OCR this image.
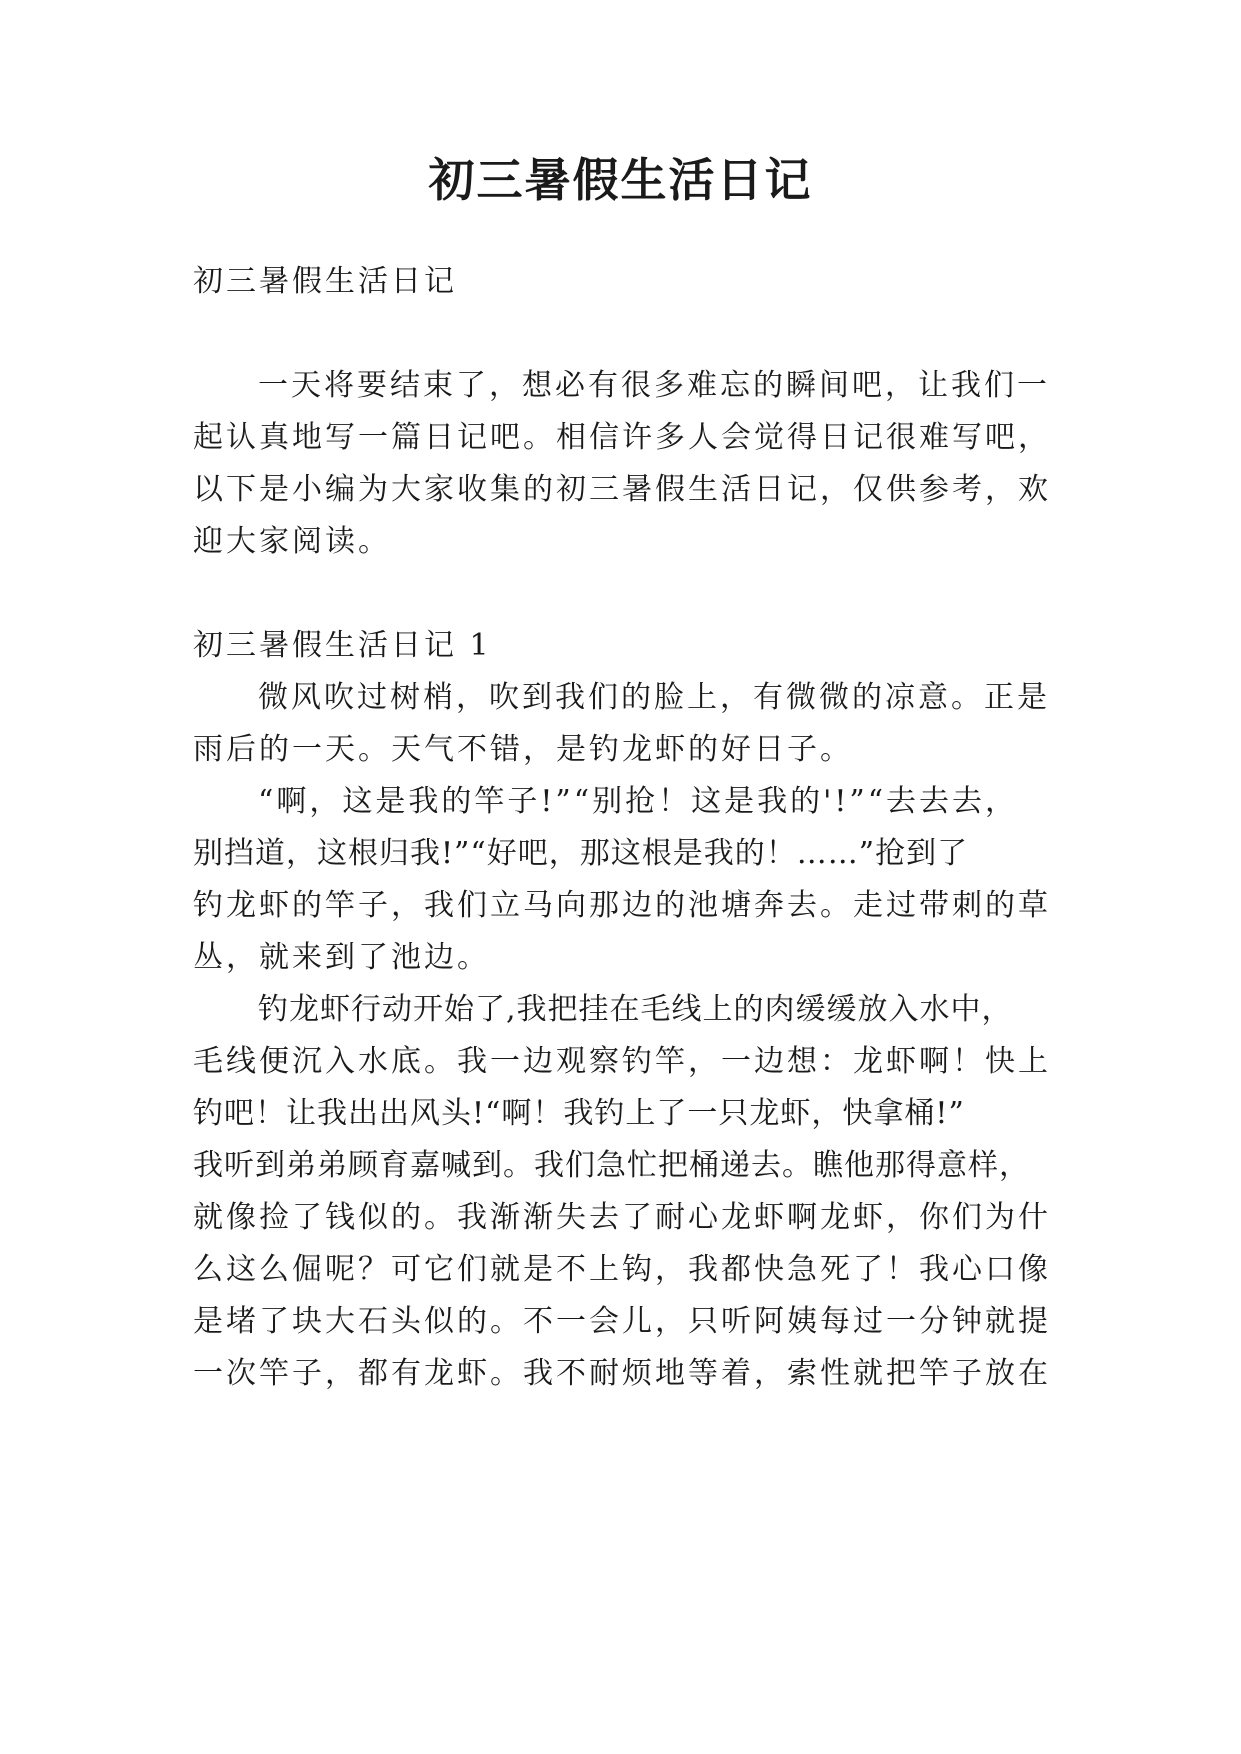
初三暑假生活日记

初三暑假生活日记

一天将要结束了，想必有很多难忘的瞬间吧，让我们一

起认真地写一篇日记吧。相信许多人会觉得日记很难写吧，

以下是小编为大家收集的初三暑假生活日记，仅供参考，欢

迎大家阅读。

初三暑假生活日记 1

微风吹过树梢，吹到我们的脸上，有微微的凉意。正是

雨后的一天。天气不错，是钓龙虾的好日子。

“啊，这是我的竿子!”“别抢！这是我的'!”“去去去，

别挡道，这根归我!”“好吧，那这根是我的！……”抢到了

钓龙虾的竿子，我们立马向那边的池塘奔去。走过带刺的草

丛，就来到了池边。

钓龙虾行动开始了,我把挂在毛线上的肉缓缓放入水中，

毛线便沉入水底。我一边观察钓竿，一边想：龙虾啊！快上

钓吧！让我出出风头!“啊！我钓上了一只龙虾，快拿桶!”

我听到弟弟顾育嘉喊到。我们急忙把桶递去。瞧他那得意样，

就像捡了钱似的。我渐渐失去了耐心龙虾啊龙虾，你们为什

么这么倔呢？可它们就是不上钩，我都快急死了！我心口像

是堵了块大石头似的。不一会儿，只听阿姨每过一分钟就提

一次竿子，都有龙虾。我不耐烦地等着，索性就把竿子放在
